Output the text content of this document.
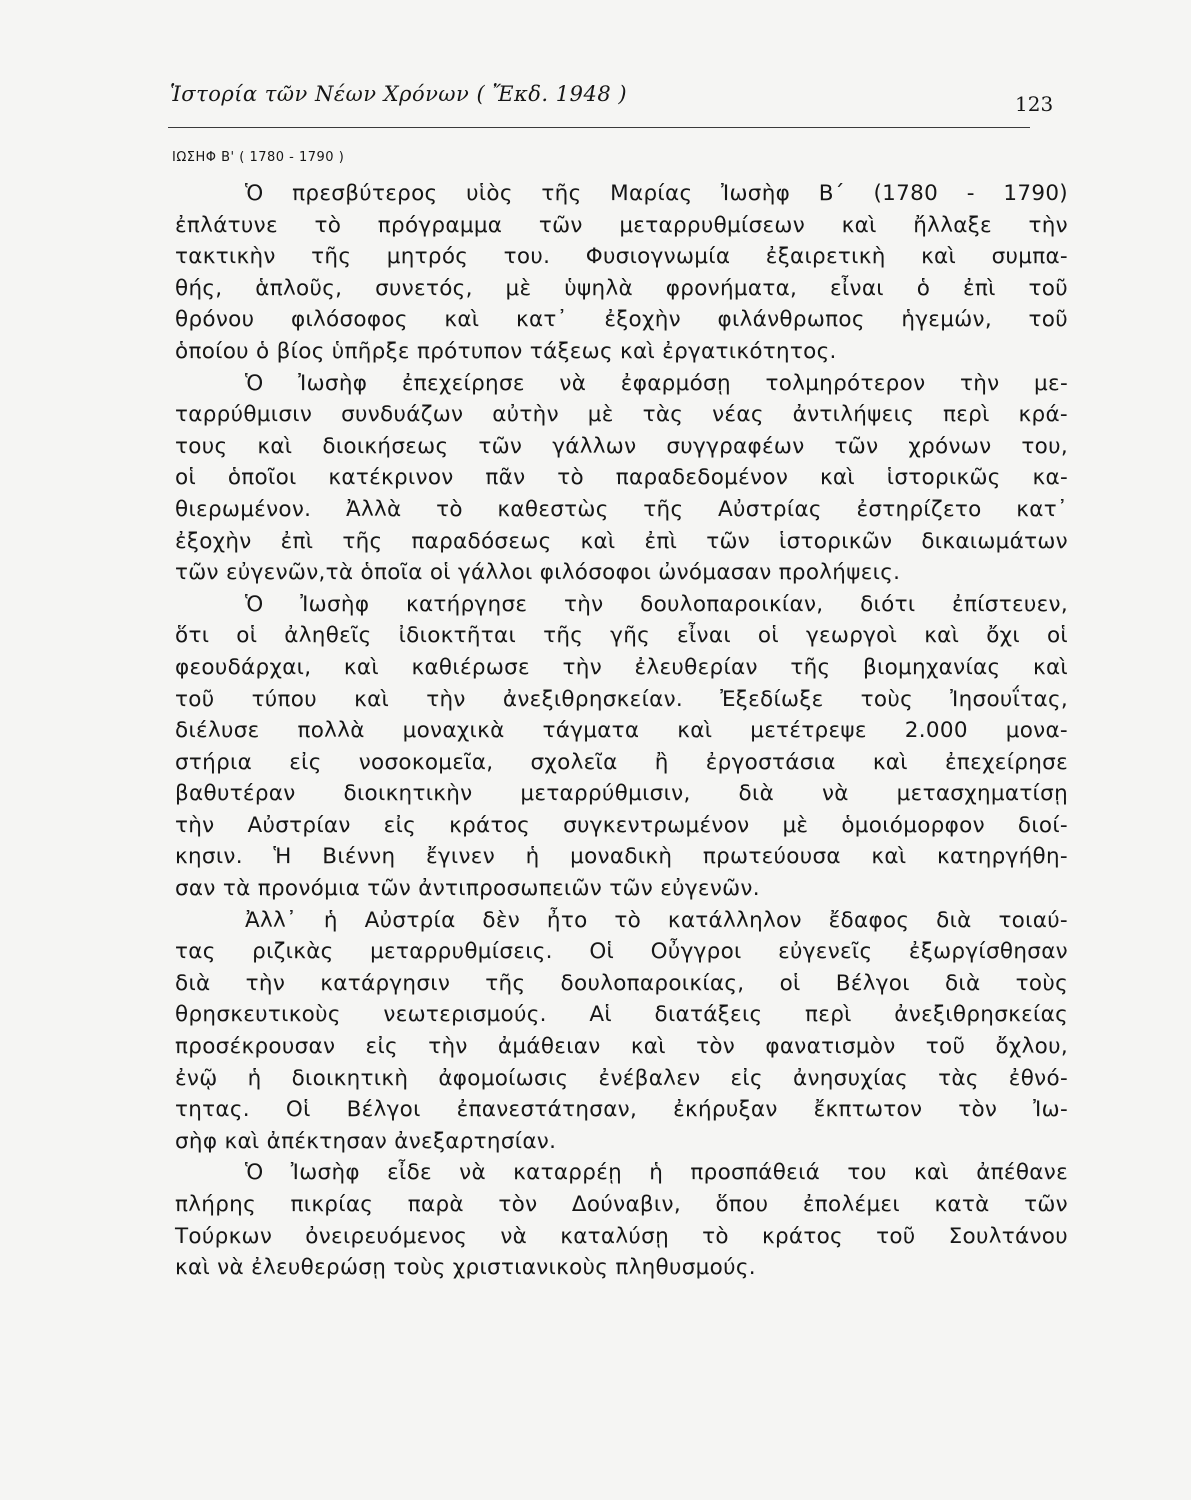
Ἱστορία τῶν Νέων Χρόνων ( Ἔκδ. 1948 )	123
ΙΩΣΗΦ Β' ( 1780 - 1790 )
Ὁ πρεσβύτερος υἱὸς τῆς Μαρίας Ἰωσὴφ Β΄ (1780 - 1790)
ἐπλάτυνε τὸ πρόγραμμα τῶν μεταρρυθμίσεων καὶ ἤλλαξε τὴν
τακτικὴν τῆς μητρός του. Φυσιογνωμία ἐξαιρετικὴ καὶ συμπα-
θής, ἁπλοῦς, συνετός, μὲ ὑψηλὰ φρονήματα, εἶναι ὁ ἐπὶ τοῦ
θρόνου φιλόσοφος καὶ κατ᾽ ἐξοχὴν φιλάνθρωπος ἡγεμών, τοῦ
ὁποίου ὁ βίος ὑπῆρξε πρότυπον τάξεως καὶ ἐργατικότητος.
Ὁ Ἰωσὴφ ἐπεχείρησε νὰ ἐφαρμόσῃ τολμηρότερον τὴν με-
ταρρύθμισιν συνδυάζων αὐτὴν μὲ τὰς νέας ἀντιλήψεις περὶ κρά-
τους καὶ διοικήσεως τῶν γάλλων συγγραφέων τῶν χρόνων του,
οἱ ὁποῖοι κατέκρινον πᾶν τὸ παραδεδομένον καὶ ἱστορικῶς κα-
θιερωμένον. Ἀλλὰ τὸ καθεστὼς τῆς Αὐστρίας ἐστηρίζετο κατ᾽
ἐξοχὴν ἐπὶ τῆς παραδόσεως καὶ ἐπὶ τῶν ἱστορικῶν δικαιωμάτων
τῶν εὐγενῶν,τὰ ὁποῖα οἱ γάλλοι φιλόσοφοι ὠνόμασαν προλήψεις.
Ὁ Ἰωσὴφ κατήργησε τὴν δουλοπαροικίαν, διότι ἐπίστευεν,
ὅτι οἱ ἀληθεῖς ἰδιοκτῆται τῆς γῆς εἶναι οἱ γεωργοὶ καὶ ὄχι οἱ
φεουδάρχαι, καὶ καθιέρωσε τὴν ἐλευθερίαν τῆς βιομηχανίας καὶ
τοῦ τύπου καὶ τὴν ἀνεξιθρησκείαν. Ἐξεδίωξε τοὺς Ἰησουΐτας,
διέλυσε πολλὰ μοναχικὰ τάγματα καὶ μετέτρεψε 2.000 μονα-
στήρια εἰς νοσοκομεῖα, σχολεῖα ἢ ἐργοστάσια καὶ ἐπεχείρησε
βαθυτέραν διοικητικὴν μεταρρύθμισιν, διὰ νὰ μετασχηματίσῃ
τὴν Αὐστρίαν εἰς κράτος συγκεντρωμένον μὲ ὁμοιόμορφον διοί-
κησιν. Ἡ Βιέννη ἔγινεν ἡ μοναδικὴ πρωτεύουσα καὶ κατηργήθη-
σαν τὰ προνόμια τῶν ἀντιπροσωπειῶν τῶν εὐγενῶν.
Ἀλλ᾽ ἡ Αὐστρία δὲν ἦτο τὸ κατάλληλον ἔδαφος διὰ τοιαύ-
τας ριζικὰς μεταρρυθμίσεις. Οἱ Οὖγγροι εὐγενεῖς ἐξωργίσθησαν
διὰ τὴν κατάργησιν τῆς δουλοπαροικίας, οἱ Βέλγοι διὰ τοὺς
θρησκευτικοὺς νεωτερισμούς. Αἱ διατάξεις περὶ ἀνεξιθρησκείας
προσέκρουσαν εἰς τὴν ἀμάθειαν καὶ τὸν φανατισμὸν τοῦ ὄχλου,
ἐνῷ ἡ διοικητικὴ ἀφομοίωσις ἐνέβαλεν εἰς ἀνησυχίας τὰς ἐθνό-
τητας. Οἱ Βέλγοι ἐπανεστάτησαν, ἐκήρυξαν ἔκπτωτον τὸν Ἰω-
σὴφ καὶ ἀπέκτησαν ἀνεξαρτησίαν.
Ὁ Ἰωσὴφ εἶδε νὰ καταρρέῃ ἡ προσπάθειά του καὶ ἀπέθανε
πλήρης πικρίας παρὰ τὸν Δούναβιν, ὅπου ἐπολέμει κατὰ τῶν
Τούρκων ὀνειρευόμενος νὰ καταλύσῃ τὸ κράτος τοῦ Σουλτάνου
καὶ νὰ ἐλευθερώσῃ τοὺς χριστιανικοὺς πληθυσμούς.
